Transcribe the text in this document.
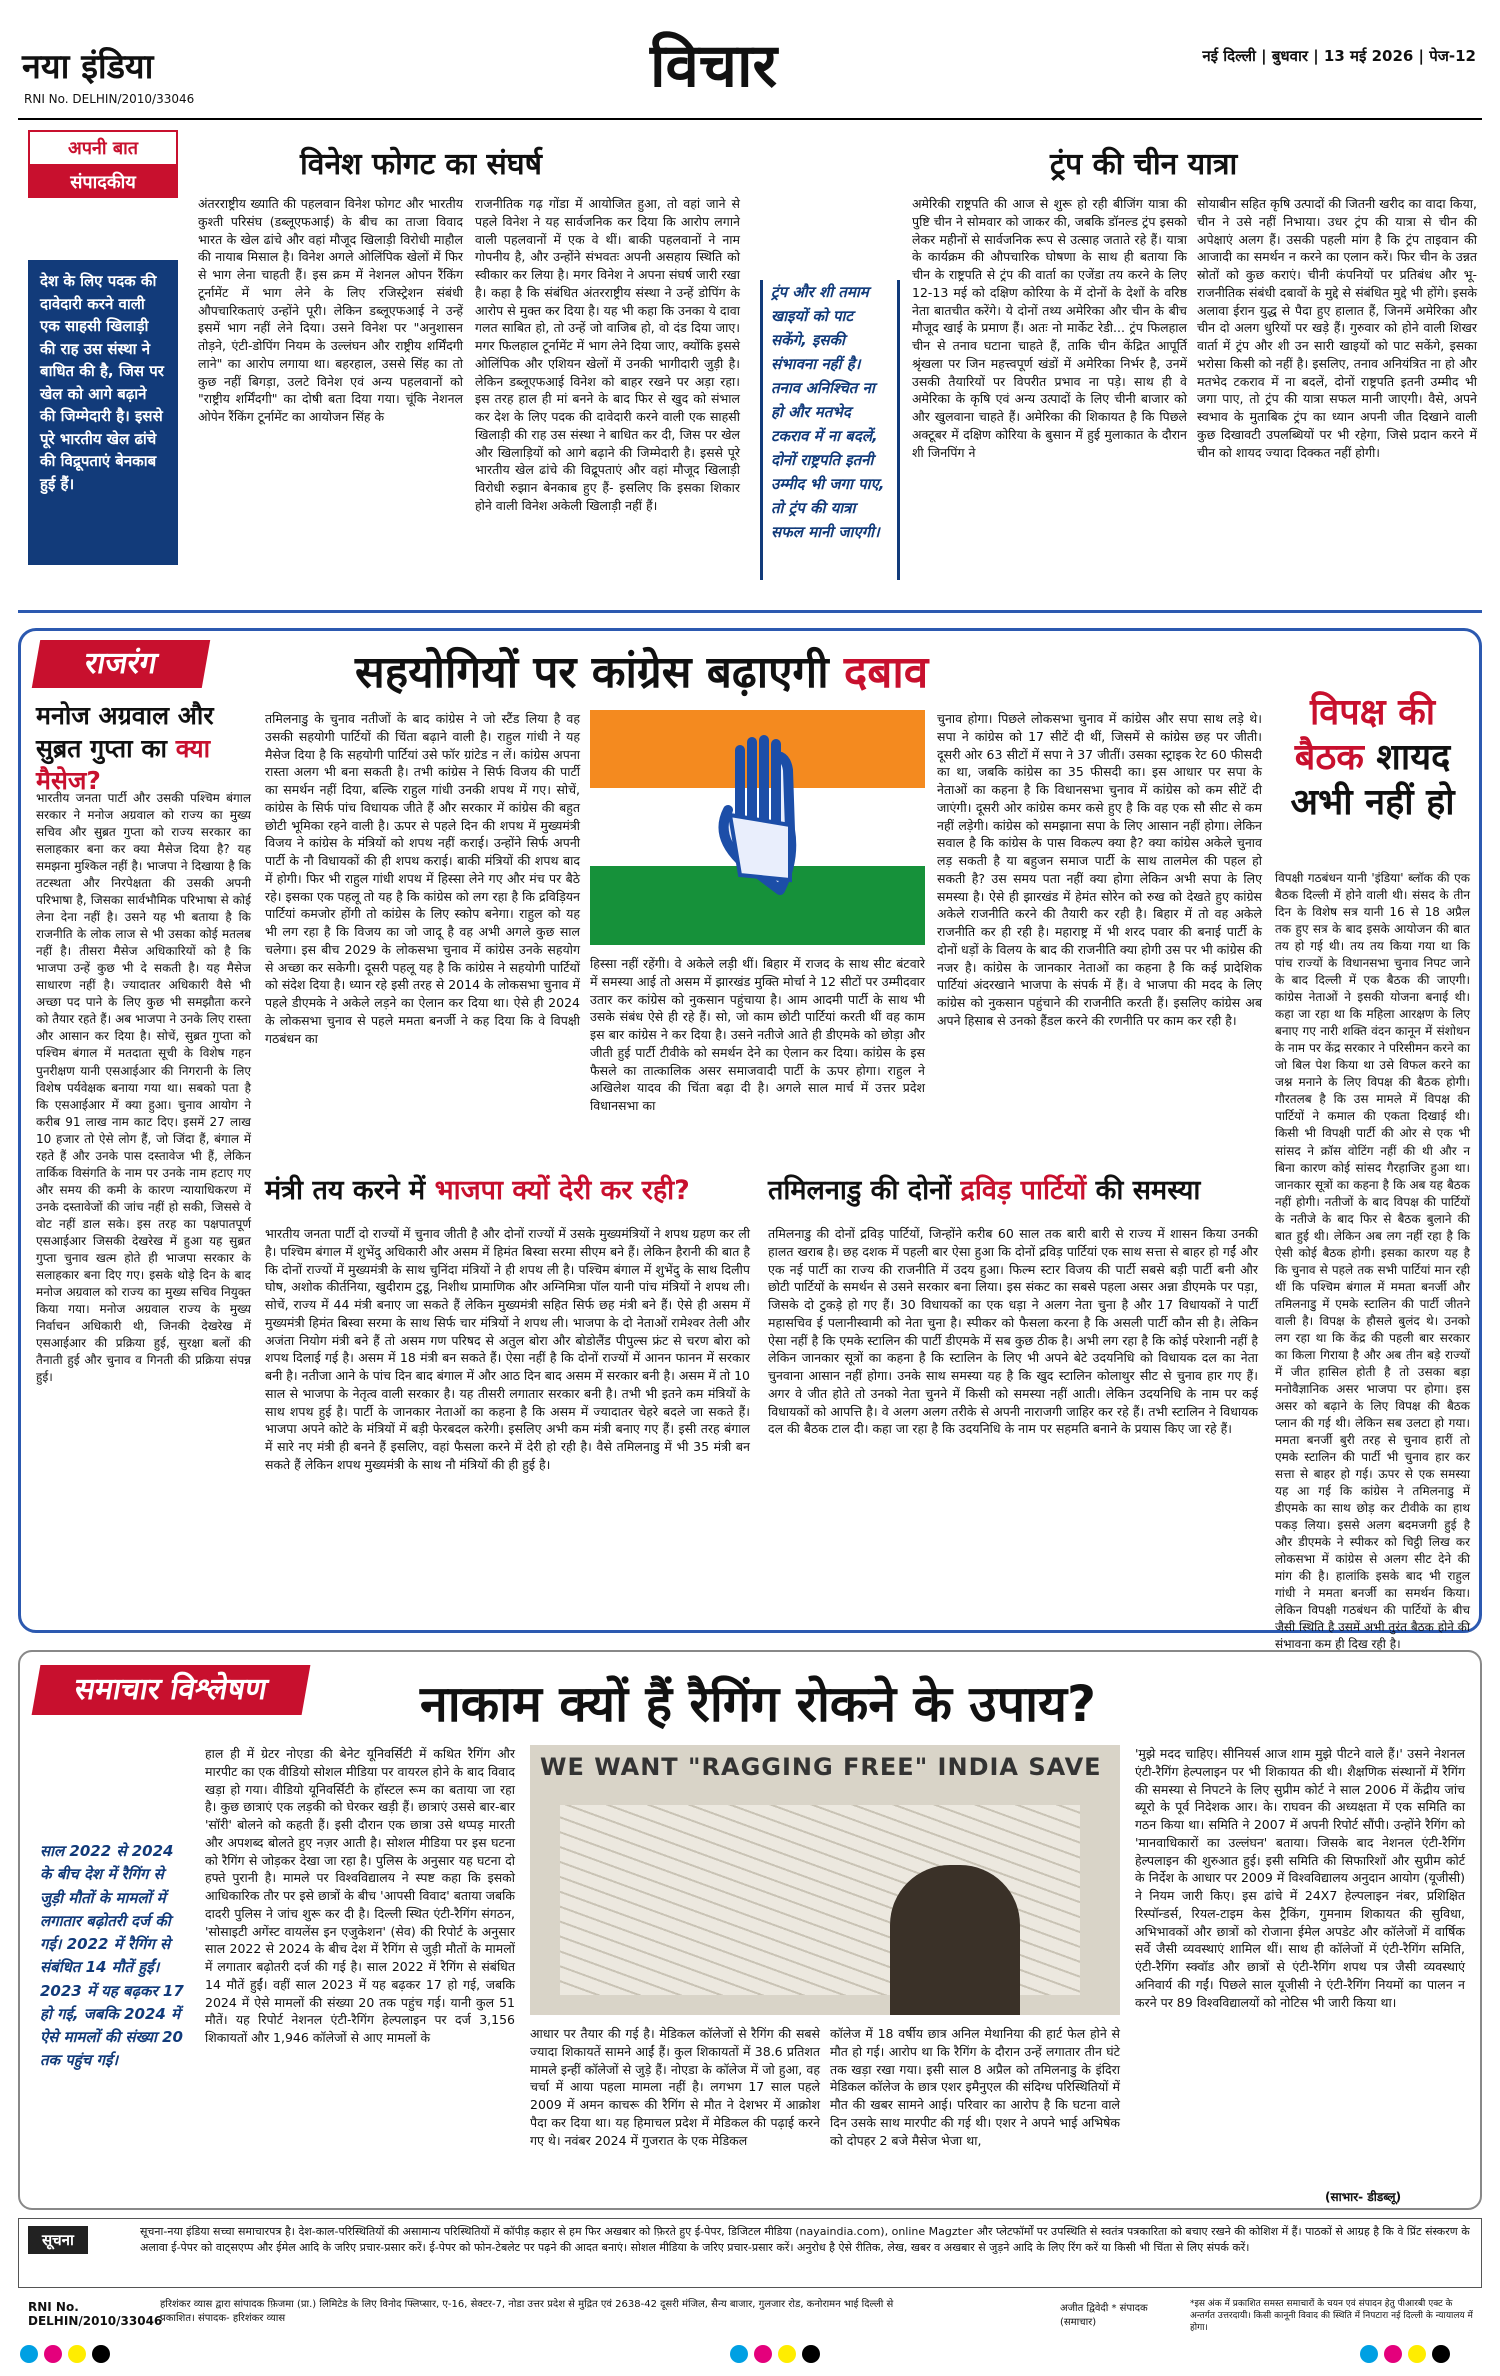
नया इंडिया
RNI No. DELHIN/2010/33046	विचार	नई दिल्ली | बुधवार | 13 मई 2026 | पेज-12
अपनी बात
संपादकीय
देश के लिए पदक की दावेदारी करने वाली एक साहसी खिलाड़ी की राह उस संस्था ने बाधित की है, जिस पर खेल को आगे बढ़ाने की जिम्मेदारी है। इससे पूरे भारतीय खेल ढांचे की विद्रूपताएं बेनकाब हुई हैं।
विनेश फोगट का संघर्ष
अंतरराष्ट्रीय ख्याति की पहलवान विनेश फोगट और भारतीय कुश्ती परिसंघ (डब्लूएफआई) के बीच का ताजा विवाद भारत के खेल ढांचे और वहां मौजूद खिलाड़ी विरोधी माहौल की नायाब मिसाल है। विनेश अगले ओलिंपिक खेलों में फिर से भाग लेना चाहती हैं। इस क्रम में नेशनल ओपन रैंकिंग टूर्नामेंट में भाग लेने के लिए रजिस्ट्रेशन संबंधी औपचारिकताएं उन्होंने पूरी। लेकिन डब्लूएफआई ने उन्हें इसमें भाग नहीं लेने दिया। उसने विनेश पर "अनुशासन तोड़ने, एंटी-डोपिंग नियम के उल्लंघन और राष्ट्रीय शर्मिंदगी लाने" का आरोप लगाया था। बहरहाल, उससे सिंह का तो कुछ नहीं बिगड़ा, उलटे विनेश एवं अन्य पहलवानों को "राष्ट्रीय शर्मिंदगी" का दोषी बता दिया गया। चूंकि नेशनल ओपेन रैंकिंग टूर्नामेंट का आयोजन सिंह के
राजनीतिक गढ़ गोंडा में आयोजित हुआ, तो वहां जाने से पहले विनेश ने यह सार्वजनिक कर दिया कि आरोप लगाने वाली पहलवानों में एक वे थीं। बाकी पहलवानों ने नाम गोपनीय है, और उन्होंने संभवतः अपनी असहाय स्थिति को स्वीकार कर लिया है। मगर विनेश ने अपना संघर्ष जारी रखा है। कहा है कि संबंधित अंतरराष्ट्रीय संस्था ने उन्हें डोपिंग के आरोप से मुक्त कर दिया है। यह भी कहा कि उनका ये दावा गलत साबित हो, तो उन्हें जो वाजिब हो, वो दंड दिया जाए। मगर फिलहाल टूर्नामेंट में भाग लेने दिया जाए, क्योंकि इससे ओलिंपिक और एशियन खेलों में उनकी भागीदारी जुड़ी है। लेकिन डब्लूएफआई विनेश को बाहर रखने पर अड़ा रहा। इस तरह हाल ही मां बनने के बाद फिर से खुद को संभाल कर देश के लिए पदक की दावेदारी करने वाली एक साहसी खिलाड़ी की राह उस संस्था ने बाधित कर दी, जिस पर खेल और खिलाड़ियों को आगे बढ़ाने की जिम्मेदारी है। इससे पूरे भारतीय खेल ढांचे की विद्रूपताएं और वहां मौजूद खिलाड़ी विरोधी रुझान बेनकाब हुए हैं- इसलिए कि इसका शिकार होने वाली विनेश अकेली खिलाड़ी नहीं हैं।
ट्रंप और शी तमाम खाइयों को पाट सकेंगे, इसकी संभावना नहीं है। तनाव अनिश्चित ना हो और मतभेद टकराव में ना बदलें, दोनों राष्ट्रपति इतनी उम्मीद भी जगा पाए, तो ट्रंप की यात्रा सफल मानी जाएगी।
ट्रंप की चीन यात्रा
अमेरिकी राष्ट्रपति की आज से शुरू हो रही बीजिंग यात्रा की पुष्टि चीन ने सोमवार को जाकर की, जबकि डॉनल्ड ट्रंप इसको लेकर महीनों से सार्वजनिक रूप से उत्साह जताते रहे हैं। यात्रा के कार्यक्रम की औपचारिक घोषणा के साथ ही बताया कि चीन के राष्ट्रपति से ट्रंप की वार्ता का एजेंडा तय करने के लिए 12-13 मई को दक्षिण कोरिया के में दोनों के देशों के वरिष्ठ नेता बातचीत करेंगे। ये दोनों तथ्य अमेरिका और चीन के बीच मौजूद खाई के प्रमाण हैं। अतः नो मार्केट रेडी... ट्रंप फिलहाल चीन से तनाव घटाना चाहते हैं, ताकि चीन केंद्रित आपूर्ति श्रृंखला पर जिन महत्त्वपूर्ण खंडों में अमेरिका निर्भर है, उनमें उसकी तैयारियों पर विपरीत प्रभाव ना पड़े। साथ ही वे अमेरिका के कृषि एवं अन्य उत्पादों के लिए चीनी बाजार को और खुलवाना चाहते हैं। अमेरिका की शिकायत है कि पिछले अक्टूबर में दक्षिण कोरिया के बुसान में हुई मुलाकात के दौरान शी जिनपिंग ने
सोयाबीन सहित कृषि उत्पादों की जितनी खरीद का वादा किया, चीन ने उसे नहीं निभाया। उधर ट्रंप की यात्रा से चीन की अपेक्षाएं अलग हैं। उसकी पहली मांग है कि ट्रंप ताइवान की आजादी का समर्थन न करने का एलान करें। फिर चीन के उन्नत स्रोतों को कुछ कराएं। चीनी कंपनियों पर प्रतिबंध और भू-राजनीतिक संबंधी दबावों के मुद्दे से संबंधित मुद्दे भी होंगे। इसके अलावा ईरान युद्ध से पैदा हुए हालात हैं, जिनमें अमेरिका और चीन दो अलग धुरियों पर खड़े हैं। गुरुवार को होने वाली शिखर वार्ता में ट्रंप और शी उन सारी खाइयों को पाट सकेंगे, इसका भरोसा किसी को नहीं है। इसलिए, तनाव अनियंत्रित ना हो और मतभेद टकराव में ना बदलें, दोनों राष्ट्रपति इतनी उम्मीद भी जगा पाए, तो ट्रंप की यात्रा सफल मानी जाएगी। वैसे, अपने स्वभाव के मुताबिक ट्रंप का ध्यान अपनी जीत दिखाने वाली कुछ दिखावटी उपलब्धियों पर भी रहेगा, जिसे प्रदान करने में चीन को शायद ज्यादा दिक्कत नहीं होगी।
राजरंग
मनोज अग्रवाल और सुब्रत गुप्ता का क्या मैसेज?
भारतीय जनता पार्टी और उसकी पश्चिम बंगाल सरकार ने मनोज अग्रवाल को राज्य का मुख्य सचिव और सुब्रत गुप्ता को राज्य सरकार का सलाहकार बना कर क्या मैसेज दिया है? यह समझना मुश्किल नहीं है। भाजपा ने दिखाया है कि तटस्थता और निरपेक्षता की उसकी अपनी परिभाषा है, जिसका सार्वभौमिक परिभाषा से कोई लेना देना नहीं है। उसने यह भी बताया है कि राजनीति के लोक लाज से भी उसका कोई मतलब नहीं है। तीसरा मैसेज अधिकारियों को है कि भाजपा उन्हें कुछ भी दे सकती है। यह मैसेज साधारण नहीं है। ज्यादातर अधिकारी वैसे भी अच्छा पद पाने के लिए कुछ भी समझौता करने को तैयार रहते हैं। अब भाजपा ने उनके लिए रास्ता और आसान कर दिया है। सोचें, सुब्रत गुप्ता को पश्चिम बंगाल में मतदाता सूची के विशेष गहन पुनरीक्षण यानी एसआईआर की निगरानी के लिए विशेष पर्यवेक्षक बनाया गया था। सबको पता है कि एसआईआर में क्या हुआ। चुनाव आयोग ने करीब 91 लाख नाम काट दिए। इसमें 27 लाख 10 हजार तो ऐसे लोग हैं, जो जिंदा हैं, बंगाल में रहते हैं और उनके पास दस्तावेज भी हैं, लेकिन तार्किक विसंगति के नाम पर उनके नाम हटाए गए और समय की कमी के कारण न्यायाधिकरण में उनके दस्तावेजों की जांच नहीं हो सकी, जिससे वे वोट नहीं डाल सके। इस तरह का पक्षपातपूर्ण एसआईआर जिसकी देखरेख में हुआ यह सुब्रत गुप्ता चुनाव खत्म होते ही भाजपा सरकार के सलाहकार बना दिए गए। इसके थोड़े दिन के बाद मनोज अग्रवाल को राज्य का मुख्य सचिव नियुक्त किया गया। मनोज अग्रवाल राज्य के मुख्य निर्वाचन अधिकारी थी, जिनकी देखरेख में एसआईआर की प्रक्रिया हुई, सुरक्षा बलों की तैनाती हुई और चुनाव व गिनती की प्रक्रिया संपन्न हुई।
सहयोगियों पर कांग्रेस बढ़ाएगी दबाव
तमिलनाडु के चुनाव नतीजों के बाद कांग्रेस ने जो स्टैंड लिया है वह उसकी सहयोगी पार्टियों की चिंता बढ़ाने वाली है। राहुल गांधी ने यह मैसेज दिया है कि सहयोगी पार्टियां उसे फॉर ग्रांटेड न लें। कांग्रेस अपना रास्ता अलग भी बना सकती है। तभी कांग्रेस ने सिर्फ विजय की पार्टी का समर्थन नहीं दिया, बल्कि राहुल गांधी उनकी शपथ में गए। सोचें, कांग्रेस के सिर्फ पांच विधायक जीते हैं और सरकार में कांग्रेस की बहुत छोटी भूमिका रहने वाली है। ऊपर से पहले दिन की शपथ में मुख्यमंत्री विजय ने कांग्रेस के मंत्रियों को शपथ नहीं कराई। उन्होंने सिर्फ अपनी पार्टी के नौ विधायकों की ही शपथ कराई। बाकी मंत्रियों की शपथ बाद में होगी। फिर भी राहुल गांधी शपथ में हिस्सा लेने गए और मंच पर बैठे रहे। इसका एक पहलू तो यह है कि कांग्रेस को लग रहा है कि द्रविड़ियन पार्टियां कमजोर होंगी तो कांग्रेस के लिए स्कोप बनेगा। राहुल को यह भी लग रहा है कि विजय का जो जादू है वह अभी अगले कुछ साल चलेगा। इस बीच 2029 के लोकसभा चुनाव में कांग्रेस उनके सहयोग से अच्छा कर सकेगी। दूसरी पहलू यह है कि कांग्रेस ने सहयोगी पार्टियों को संदेश दिया है। ध्यान रहे इसी तरह से 2014 के लोकसभा चुनाव में पहले डीएमके ने अकेले लड़ने का ऐलान कर दिया था। ऐसे ही 2024 के लोकसभा चुनाव से पहले ममता बनर्जी ने कह दिया कि वे विपक्षी गठबंधन का
हिस्सा नहीं रहेंगी। वे अकेले लड़ी थीं। बिहार में राजद के साथ सीट बंटवारे में समस्या आई तो असम में झारखंड मुक्ति मोर्चा ने 12 सीटों पर उम्मीदवार उतार कर कांग्रेस को नुकसान पहुंचाया है। आम आदमी पार्टी के साथ भी उसके संबंध ऐसे ही रहे हैं। सो, जो काम छोटी पार्टियां करती थीं वह काम इस बार कांग्रेस ने कर दिया है। उसने नतीजे आते ही डीएमके को छोड़ा और जीती हुई पार्टी टीवीके को समर्थन देने का ऐलान कर दिया। कांग्रेस के इस फैसले का तात्कालिक असर समाजवादी पार्टी के ऊपर होगा। राहुल ने अखिलेश यादव की चिंता बढ़ा दी है। अगले साल मार्च में उत्तर प्रदेश विधानसभा का
चुनाव होगा। पिछले लोकसभा चुनाव में कांग्रेस और सपा साथ लड़े थे। सपा ने कांग्रेस को 17 सीटें दी थीं, जिसमें से कांग्रेस छह पर जीती। दूसरी ओर 63 सीटों में सपा ने 37 जीतीं। उसका स्ट्राइक रेट 60 फीसदी का था, जबकि कांग्रेस का 35 फीसदी का। इस आधार पर सपा के नेताओं का कहना है कि विधानसभा चुनाव में कांग्रेस को कम सीटें दी जाएंगी। दूसरी ओर कांग्रेस कमर कसे हुए है कि वह एक सौ सीट से कम नहीं लड़ेगी। कांग्रेस को समझाना सपा के लिए आसान नहीं होगा। लेकिन सवाल है कि कांग्रेस के पास विकल्प क्या है? क्या कांग्रेस अकेले चुनाव लड़ सकती है या बहुजन समाज पार्टी के साथ तालमेल की पहल हो सकती है? उस समय पता नहीं क्या होगा लेकिन अभी सपा के लिए समस्या है। ऐसे ही झारखंड में हेमंत सोरेन को रुख को देखते हुए कांग्रेस अकेले राजनीति करने की तैयारी कर रही है। बिहार में तो वह अकेले राजनीति कर ही रही है। महाराष्ट्र में भी शरद पवार की बनाई पार्टी के दोनों धड़ों के विलय के बाद की राजनीति क्या होगी उस पर भी कांग्रेस की नजर है। कांग्रेस के जानकार नेताओं का कहना है कि कई प्रादेशिक पार्टियां अंदरखाने भाजपा के संपर्क में हैं। वे भाजपा की मदद के लिए कांग्रेस को नुकसान पहुंचाने की राजनीति करती हैं। इसलिए कांग्रेस अब अपने हिसाब से उनको हैंडल करने की रणनीति पर काम कर रही है।
मंत्री तय करने में भाजपा क्यों देरी कर रही?
भारतीय जनता पार्टी दो राज्यों में चुनाव जीती है और दोनों राज्यों में उसके मुख्यमंत्रियों ने शपथ ग्रहण कर ली है। पश्चिम बंगाल में शुभेंदु अधिकारी और असम में हिमंत बिस्वा सरमा सीएम बने हैं। लेकिन हैरानी की बात है कि दोनों राज्यों में मुख्यमंत्री के साथ चुनिंदा मंत्रियों ने ही शपथ ली है। पश्चिम बंगाल में शुभेंदु के साथ दिलीप घोष, अशोक कीर्तनिया, खुदीराम टुडू, निशीथ प्रामाणिक और अग्निमित्रा पॉल यानी पांच मंत्रियों ने शपथ ली। सोचें, राज्य में 44 मंत्री बनाए जा सकते हैं लेकिन मुख्यमंत्री सहित सिर्फ छह मंत्री बने हैं। ऐसे ही असम में मुख्यमंत्री हिमंत बिस्वा सरमा के साथ सिर्फ चार मंत्रियों ने शपथ ली। भाजपा के दो नेताओं रामेश्वर तेली और अजंता नियोग मंत्री बने हैं तो असम गण परिषद से अतुल बोरा और बोडोलैंड पीपुल्स फ्रंट से चरण बोरा को शपथ दिलाई गई है। असम में 18 मंत्री बन सकते हैं। ऐसा नहीं है कि दोनों राज्यों में आनन फानन में सरकार बनी है। नतीजा आने के पांच दिन बाद बंगाल में और आठ दिन बाद असम में सरकार बनी है। असम में तो 10 साल से भाजपा के नेतृत्व वाली सरकार है। यह तीसरी लगातार सरकार बनी है। तभी भी इतने कम मंत्रियों के साथ शपथ हुई है। पार्टी के जानकार नेताओं का कहना है कि असम में ज्यादातर चेहरे बदले जा सकते हैं। भाजपा अपने कोटे के मंत्रियों में बड़ी फेरबदल करेगी। इसलिए अभी कम मंत्री बनाए गए हैं। इसी तरह बंगाल में सारे नए मंत्री ही बनने हैं इसलिए, वहां फैसला करने में देरी हो रही है। वैसे तमिलनाडु में भी 35 मंत्री बन सकते हैं लेकिन शपथ मुख्यमंत्री के साथ नौ मंत्रियों की ही हुई है।
तमिलनाडु की दोनों द्रविड़ पार्टियों की समस्या
तमिलनाडु की दोनों द्रविड़ पार्टियों, जिन्होंने करीब 60 साल तक बारी बारी से राज्य में शासन किया उनकी हालत खराब है। छह दशक में पहली बार ऐसा हुआ कि दोनों द्रविड़ पार्टियां एक साथ सत्ता से बाहर हो गईं और एक नई पार्टी का राज्य की राजनीति में उदय हुआ। फिल्म स्टार विजय की पार्टी सबसे बड़ी पार्टी बनी और छोटी पार्टियों के समर्थन से उसने सरकार बना लिया। इस संकट का सबसे पहला असर अन्ना डीएमके पर पड़ा, जिसके दो टुकड़े हो गए हैं। 30 विधायकों का एक धड़ा ने अलग नेता चुना है और 17 विधायकों ने पार्टी महासचिव ई पलानीस्वामी को नेता चुना है। स्पीकर को फैसला करना है कि असली पार्टी कौन सी है। लेकिन ऐसा नहीं है कि एमके स्टालिन की पार्टी डीएमके में सब कुछ ठीक है। अभी लग रहा है कि कोई परेशानी नहीं है लेकिन जानकार सूत्रों का कहना है कि स्टालिन के लिए भी अपने बेटे उदयनिधि को विधायक दल का नेता चुनवाना आसान नहीं होगा। उनके साथ समस्या यह है कि खुद स्टालिन कोलाथुर सीट से चुनाव हार गए हैं। अगर वे जीत होते तो उनको नेता चुनने में किसी को समस्या नहीं आती। लेकिन उदयनिधि के नाम पर कई विधायकों को आपत्ति है। वे अलग अलग तरीके से अपनी नाराजगी जाहिर कर रहे हैं। तभी स्टालिन ने विधायक दल की बैठक टाल दी। कहा जा रहा है कि उदयनिधि के नाम पर सहमति बनाने के प्रयास किए जा रहे हैं।
विपक्ष की
बैठक शायद अभी नहीं हो
विपक्षी गठबंधन यानी 'इंडिया' ब्लॉक की एक बैठक दिल्ली में होने वाली थी। संसद के तीन दिन के विशेष सत्र यानी 16 से 18 अप्रैल तक हुए सत्र के बाद इसके आयोजन की बात तय हो गई थी। तय तय किया गया था कि पांच राज्यों के विधानसभा चुनाव निपट जाने के बाद दिल्ली में एक बैठक की जाएगी। कांग्रेस नेताओं ने इसकी योजना बनाई थी। कहा जा रहा था कि महिला आरक्षण के लिए बनाए गए नारी शक्ति वंदन कानून में संशोधन के नाम पर केंद्र सरकार ने परिसीमन करने का जो बिल पेश किया था उसे विफल करने का जश्न मनाने के लिए विपक्ष की बैठक होगी। गौरतलब है कि उस मामले में विपक्ष की पार्टियों ने कमाल की एकता दिखाई थी। किसी भी विपक्षी पार्टी की ओर से एक भी सांसद ने क्रॉस वोटिंग नहीं की थी और न बिना कारण कोई सांसद गैरहाजिर हुआ था। जानकार सूत्रों का कहना है कि अब यह बैठक नहीं होगी। नतीजों के बाद विपक्ष की पार्टियों के नतीजे के बाद फिर से बैठक बुलाने की बात हुई थी। लेकिन अब लग नहीं रहा है कि ऐसी कोई बैठक होगी। इसका कारण यह है कि चुनाव से पहले तक सभी पार्टियां मान रही थीं कि पश्चिम बंगाल में ममता बनर्जी और तमिलनाडु में एमके स्टालिन की पार्टी जीतने वाली है। विपक्ष के हौसले बुलंद थे। उनको लग रहा था कि केंद्र की पहली बार सरकार का किला गिराया है और अब तीन बड़े राज्यों में जीत हासिल होती है तो उसका बड़ा मनोवैज्ञानिक असर भाजपा पर होगा। इस असर को बढ़ाने के लिए विपक्ष की बैठक प्लान की गई थी। लेकिन सब उलटा हो गया। ममता बनर्जी बुरी तरह से चुनाव हारीं तो एमके स्टालिन की पार्टी भी चुनाव हार कर सत्ता से बाहर हो गई। ऊपर से एक समस्या यह आ गई कि कांग्रेस ने तमिलनाडु में डीएमके का साथ छोड़ कर टीवीके का हाथ पकड़ लिया। इससे अलग बदमजगी हुई है और डीएमके ने स्पीकर को चिट्ठी लिख कर लोकसभा में कांग्रेस से अलग सीट देने की मांग की है। हालांकि इसके बाद भी राहुल गांधी ने ममता बनर्जी का समर्थन किया। लेकिन विपक्षी गठबंधन की पार्टियों के बीच जैसी स्थिति है उसमें अभी तुरंत बैठक होने की संभावना कम ही दिख रही है।
समाचार विश्लेषण	नाकाम क्यों हैं रैगिंग रोकने के उपाय?
साल 2022 से 2024 के बीच देश में रैगिंग से जुड़ी मौतों के मामलों में लगातार बढ़ोतरी दर्ज की गई। 2022 में रैगिंग से संबंधित 14 मौतें हुईं। 2023 में यह बढ़कर 17 हो गई, जबकि 2024 में ऐसे मामलों की संख्या 20 तक पहुंच गई।
हाल ही में ग्रेटर नोएडा की बेनेट यूनिवर्सिटी में कथित रैगिंग और मारपीट का एक वीडियो सोशल मीडिया पर वायरल होने के बाद विवाद खड़ा हो गया। वीडियो यूनिवर्सिटी के हॉस्टल रूम का बताया जा रहा है। कुछ छात्राएं एक लड़की को घेरकर खड़ी हैं। छात्राएं उससे बार-बार 'सॉरी' बोलने को कहती हैं। इसी दौरान एक छात्रा उसे थप्पड़ मारती और अपशब्द बोलते हुए नज़र आती है। सोशल मीडिया पर इस घटना को रैगिंग से जोड़कर देखा जा रहा है। पुलिस के अनुसार यह घटना दो हफ्ते पुरानी है। मामले पर विश्वविद्यालय ने स्पष्ट कहा कि इसको आधिकारिक तौर पर इसे छात्रों के बीच 'आपसी विवाद' बताया जबकि दादरी पुलिस ने जांच शुरू कर दी है। दिल्ली स्थित एंटी-रैगिंग संगठन, 'सोसाइटी अगेंस्ट वायलेंस इन एजुकेशन' (सेव) की रिपोर्ट के अनुसार साल 2022 से 2024 के बीच देश में रैगिंग से जुड़ी मौतों के मामलों में लगातार बढ़ोतरी दर्ज की गई है। साल 2022 में रैगिंग से संबंधित 14 मौतें हुईं। वहीं साल 2023 में यह बढ़कर 17 हो गई, जबकि 2024 में ऐसे मामलों की संख्या 20 तक पहुंच गई। यानी कुल 51 मौतें। यह रिपोर्ट नेशनल एंटी-रैगिंग हेल्पलाइन पर दर्ज 3,156 शिकायतों और 1,946 कॉलेजों से आए मामलों के
WE WANT "RAGGING FREE" INDIA SAVE
आधार पर तैयार की गई है। मेडिकल कॉलेजों से रैगिंग की सबसे ज्यादा शिकायतें सामने आईं हैं। कुल शिकायतों में 38.6 प्रतिशत मामले इन्हीं कॉलेजों से जुड़े हैं। नोएडा के कॉलेज में जो हुआ, वह चर्चा में आया पहला मामला नहीं है। लगभग 17 साल पहले 2009 में अमन काचरू की रैगिंग से मौत ने देशभर में आक्रोश पैदा कर दिया था। यह हिमाचल प्रदेश में मेडिकल की पढ़ाई करने गए थे। नवंबर 2024 में गुजरात के एक मेडिकल
कॉलेज में 18 वर्षीय छात्र अनिल मेथानिया की हार्ट फेल होने से मौत हो गई। आरोप था कि रैगिंग के दौरान उन्हें लगातार तीन घंटे तक खड़ा रखा गया। इसी साल 8 अप्रैल को तमिलनाडु के इंदिरा मेडिकल कॉलेज के छात्र एशर इमैनुएल की संदिग्ध परिस्थितियों में मौत की खबर सामने आई। परिवार का आरोप है कि घटना वाले दिन उसके साथ मारपीट की गई थी। एशर ने अपने भाई अभिषेक को दोपहर 2 बजे मैसेज भेजा था,
'मुझे मदद चाहिए। सीनियर्स आज शाम मुझे पीटने वाले हैं।' उसने नेशनल एंटी-रैगिंग हेल्पलाइन पर भी शिकायत की थी। शैक्षणिक संस्थानों में रैगिंग की समस्या से निपटने के लिए सुप्रीम कोर्ट ने साल 2006 में केंद्रीय जांच ब्यूरो के पूर्व निदेशक आर। के। राघवन की अध्यक्षता में एक समिति का गठन किया था। समिति ने 2007 में अपनी रिपोर्ट सौंपी। उन्होंने रैगिंग को 'मानवाधिकारों का उल्लंघन' बताया। जिसके बाद नेशनल एंटी-रैगिंग हेल्पलाइन की शुरुआत हुई। इसी समिति की सिफारिशों और सुप्रीम कोर्ट के निर्देश के आधार पर 2009 में विश्वविद्यालय अनुदान आयोग (यूजीसी) ने नियम जारी किए। इस ढांचे में 24X7 हेल्पलाइन नंबर, प्रशिक्षित रिस्पॉन्डर्स, रियल-टाइम केस ट्रैकिंग, गुमनाम शिकायत की सुविधा, अभिभावकों और छात्रों को रोजाना ईमेल अपडेट और कॉलेजों में वार्षिक सर्वे जैसी व्यवस्थाएं शामिल थीं। साथ ही कॉलेजों में एंटी-रैगिंग समिति, एंटी-रैगिंग स्क्वॉड और छात्रों से एंटी-रैगिंग शपथ पत्र जैसी व्यवस्थाएं अनिवार्य की गईं। पिछले साल यूजीसी ने एंटी-रैगिंग नियमों का पालन न करने पर 89 विश्वविद्यालयों को नोटिस भी जारी किया था।
(साभार- डीडब्लू)
सूचना	सूचना-नया इंडिया सच्चा समाचारपत्र है। देश-काल-परिस्थितियों की असामान्य परिस्थितियों में कॉपीड़ कहार से हम फिर अखबार को फ़िरते हुए ई-पेपर, डिजिटल मीडिया (nayaindia.com), online Magzter और प्लेटफॉर्मों पर उपस्थिति से स्वतंत्र पत्रकारिता को बचाए रखने की कोशिश में हैं। पाठकों से आग्रह है कि वे प्रिंट संस्करण के अलावा ई-पेपर को वाट्सएप्प और ईमेल आदि के जरिए प्रचार-प्रसार करें। ई-पेपर को फोन-टेबलेट पर पढ़ने की आदत बनाएं। सोशल मीडिया के जरिए प्रचार-प्रसार करें। अनुरोध है ऐसे रीतिक, लेख, खबर व अखबार से जुड़ने आदि के लिए रिंग करें या किसी भी चिंता से लिए संपर्क करें।
RNI No. DELHIN/2010/33046
हरिशंकर व्यास द्वारा सांपादक फ़िजमा (प्रा.) लिमिटेड के लिए विनोद फ्लिप्सार, ए-16, सेक्टर-7, नोडा उत्तर प्रदेश से मुद्रित एवं 2638-42 दूसरी मंजिल, सैन्य बाजार, गुलजार रोड, कनोरामन भाई दिल्ली से प्रकाशित। संपादक- हरिशंकर व्यास
अजीत द्विवेदी * संपादक (समाचार)
*इस अंक में प्रकाशित समस्त समाचारों के चयन एवं संपादन हेतु पीआरबी एक्ट के अन्तर्गत उत्तरदायी। किसी कानूनी विवाद की स्थिति में निपटारा नई दिल्ली के न्यायालय में होगा।
